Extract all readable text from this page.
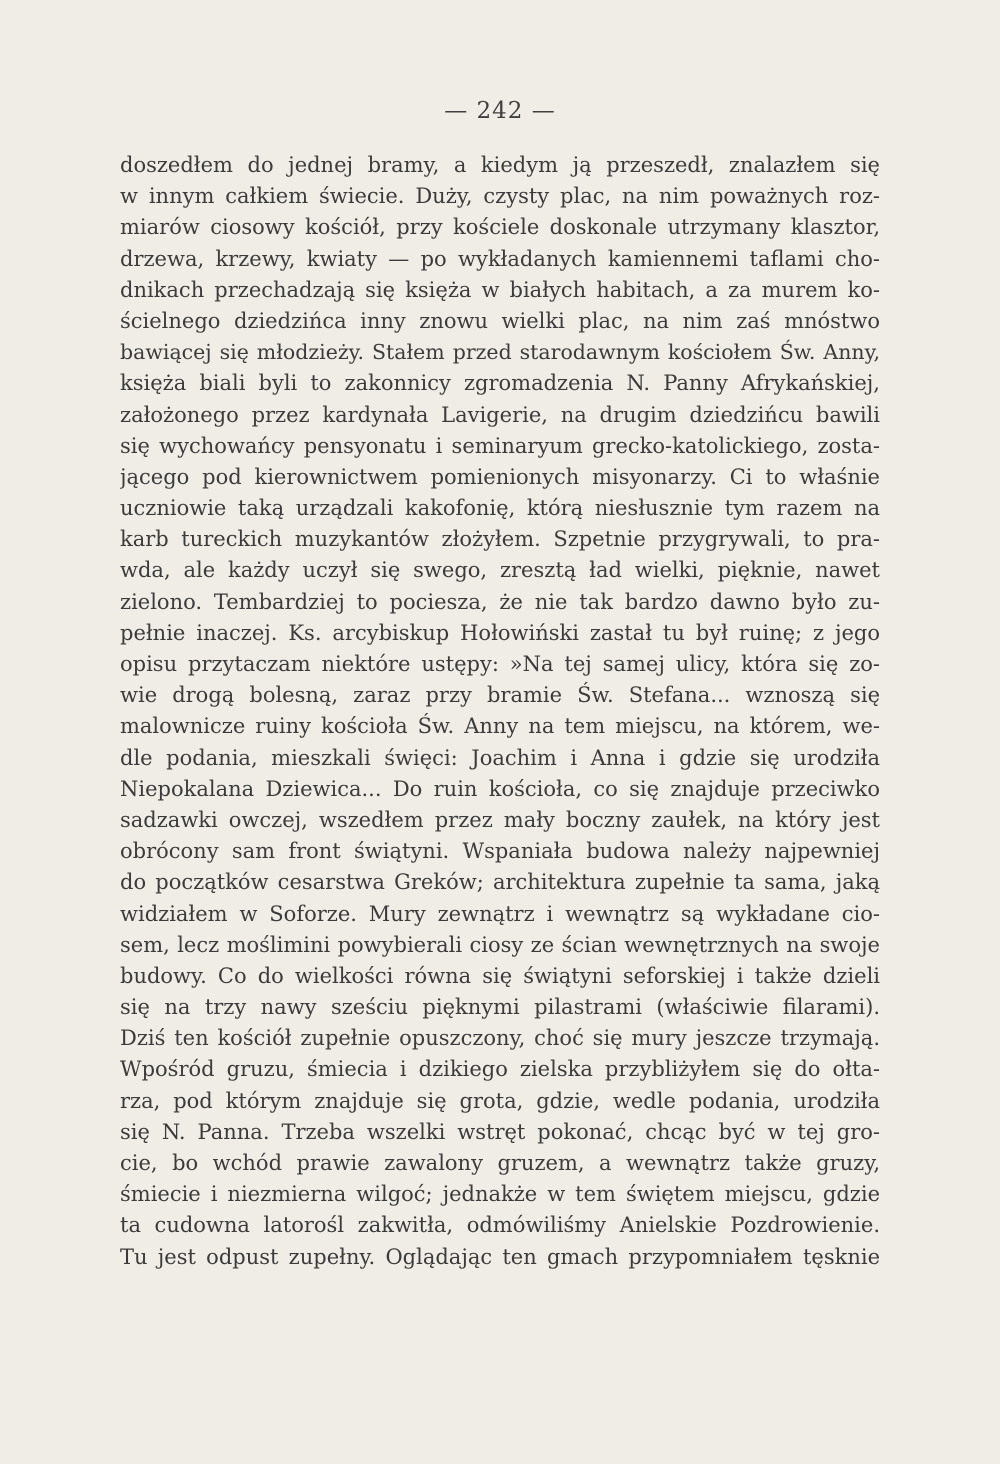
— 242 —
doszedłem do jednej bramy, a kiedym ją przeszedł, znalazłem się
w innym całkiem świecie. Duży, czysty plac, na nim poważnych roz-
miarów ciosowy kościół, przy kościele doskonale utrzymany klasztor,
drzewa, krzewy, kwiaty — po wykładanych kamiennemi taflami cho-
dnikach przechadzają się księża w białych habitach, a za murem ko-
ścielnego dziedzińca inny znowu wielki plac, na nim zaś mnóstwo
bawiącej się młodzieży. Stałem przed starodawnym kościołem Św. Anny,
księża biali byli to zakonnicy zgromadzenia N. Panny Afrykańskiej,
założonego przez kardynała Lavigerie, na drugim dziedzińcu bawili
się wychowańcy pensyonatu i seminaryum grecko-katolickiego, zosta-
jącego pod kierownictwem pomienionych misyonarzy. Ci to właśnie
uczniowie taką urządzali kakofonię, którą niesłusznie tym razem na
karb tureckich muzykantów złożyłem. Szpetnie przygrywali, to pra-
wda, ale każdy uczył się swego, zresztą ład wielki, pięknie, nawet
zielono. Tembardziej to pociesza, że nie tak bardzo dawno było zu-
pełnie inaczej. Ks. arcybiskup Hołowiński zastał tu był ruinę; z jego
opisu przytaczam niektóre ustępy: »Na tej samej ulicy, która się zo-
wie drogą bolesną, zaraz przy bramie Św. Stefana... wznoszą się
malownicze ruiny kościoła Św. Anny na tem miejscu, na którem, we-
dle podania, mieszkali święci: Joachim i Anna i gdzie się urodziła
Niepokalana Dziewica... Do ruin kościoła, co się znajduje przeciwko
sadzawki owczej, wszedłem przez mały boczny zaułek, na który jest
obrócony sam front świątyni. Wspaniała budowa należy najpewniej
do początków cesarstwa Greków; architektura zupełnie ta sama, jaką
widziałem w Soforze. Mury zewnątrz i wewnątrz są wykładane cio-
sem, lecz moślimini powybierali ciosy ze ścian wewnętrznych na swoje
budowy. Co do wielkości równa się świątyni seforskiej i także dzieli
się na trzy nawy sześciu pięknymi pilastrami (właściwie filarami).
Dziś ten kościół zupełnie opuszczony, choć się mury jeszcze trzymają.
Wpośród gruzu, śmiecia i dzikiego zielska przybliżyłem się do ołta-
rza, pod którym znajduje się grota, gdzie, wedle podania, urodziła
się N. Panna. Trzeba wszelki wstręt pokonać, chcąc być w tej gro-
cie, bo wchód prawie zawalony gruzem, a wewnątrz także gruzy,
śmiecie i niezmierna wilgoć; jednakże w tem świętem miejscu, gdzie
ta cudowna latorośl zakwitła, odmówiliśmy Anielskie Pozdrowienie.
Tu jest odpust zupełny. Oglądając ten gmach przypomniałem tęsknie
